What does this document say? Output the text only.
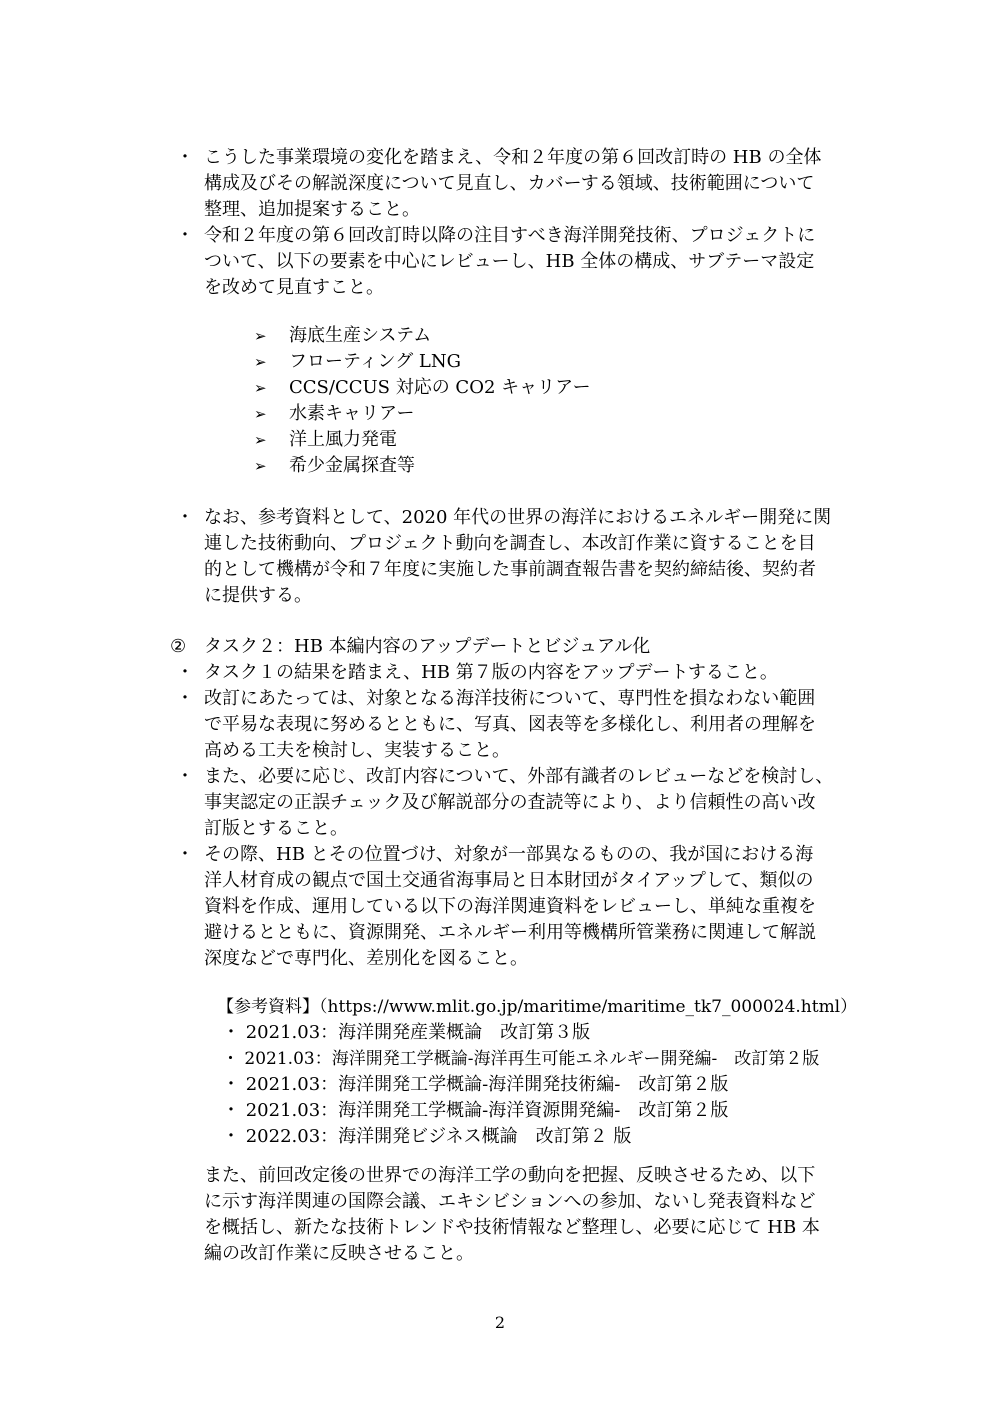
・ こうした事業環境の変化を踏まえ、令和２年度の第６回改訂時の HB の全体
構成及びその解説深度について見直し、カバーする領域、技術範囲について
整理、追加提案すること。
・ 令和２年度の第６回改訂時以降の注目すべき海洋開発技術、プロジェクトに
ついて、以下の要素を中心にレビューし、HB 全体の構成、サブテーマ設定
を改めて見直すこと。
➢ 海底生産システム
➢ フローティング LNG
➢ CCS/CCUS 対応の CO2 キャリアー
➢ 水素キャリアー
➢ 洋上風力発電
➢ 希少金属探査等
・ なお、参考資料として、2020 年代の世界の海洋におけるエネルギー開発に関
連した技術動向、プロジェクト動向を調査し、本改訂作業に資することを目
的として機構が令和７年度に実施した事前調査報告書を契約締結後、契約者
に提供する。
② タスク２：HB 本編内容のアップデートとビジュアル化
・ タスク１の結果を踏まえ、HB 第７版の内容をアップデートすること。
・ 改訂にあたっては、対象となる海洋技術について、専門性を損なわない範囲
で平易な表現に努めるとともに、写真、図表等を多様化し、利用者の理解を
高める工夫を検討し、実装すること。
・ また、必要に応じ、改訂内容について、外部有識者のレビューなどを検討し、
事実認定の正誤チェック及び解説部分の査読等により、より信頼性の高い改
訂版とすること。
・ その際、HB とその位置づけ、対象が一部異なるものの、我が国における海
洋人材育成の観点で国土交通省海事局と日本財団がタイアップして、類似の
資料を作成、運用している以下の海洋関連資料をレビューし、単純な重複を
避けるとともに、資源開発、エネルギー利用等機構所管業務に関連して解説
深度などで専門化、差別化を図ること。
【参考資料】（https://www.mlit.go.jp/maritime/maritime_tk7_000024.html）
・ 2021.03：海洋開発産業概論　改訂第３版
・ 2021.03：海洋開発工学概論-海洋再生可能エネルギー開発編-　改訂第２版
・ 2021.03：海洋開発工学概論-海洋開発技術編-　改訂第２版
・ 2021.03：海洋開発工学概論-海洋資源開発編-　改訂第２版
・ 2022.03：海洋開発ビジネス概論　改訂第２ 版
また、前回改定後の世界での海洋工学の動向を把握、反映させるため、以下
に示す海洋関連の国際会議、エキシビションへの参加、ないし発表資料など
を概括し、新たな技術トレンドや技術情報など整理し、必要に応じて HB 本
編の改訂作業に反映させること。
2
